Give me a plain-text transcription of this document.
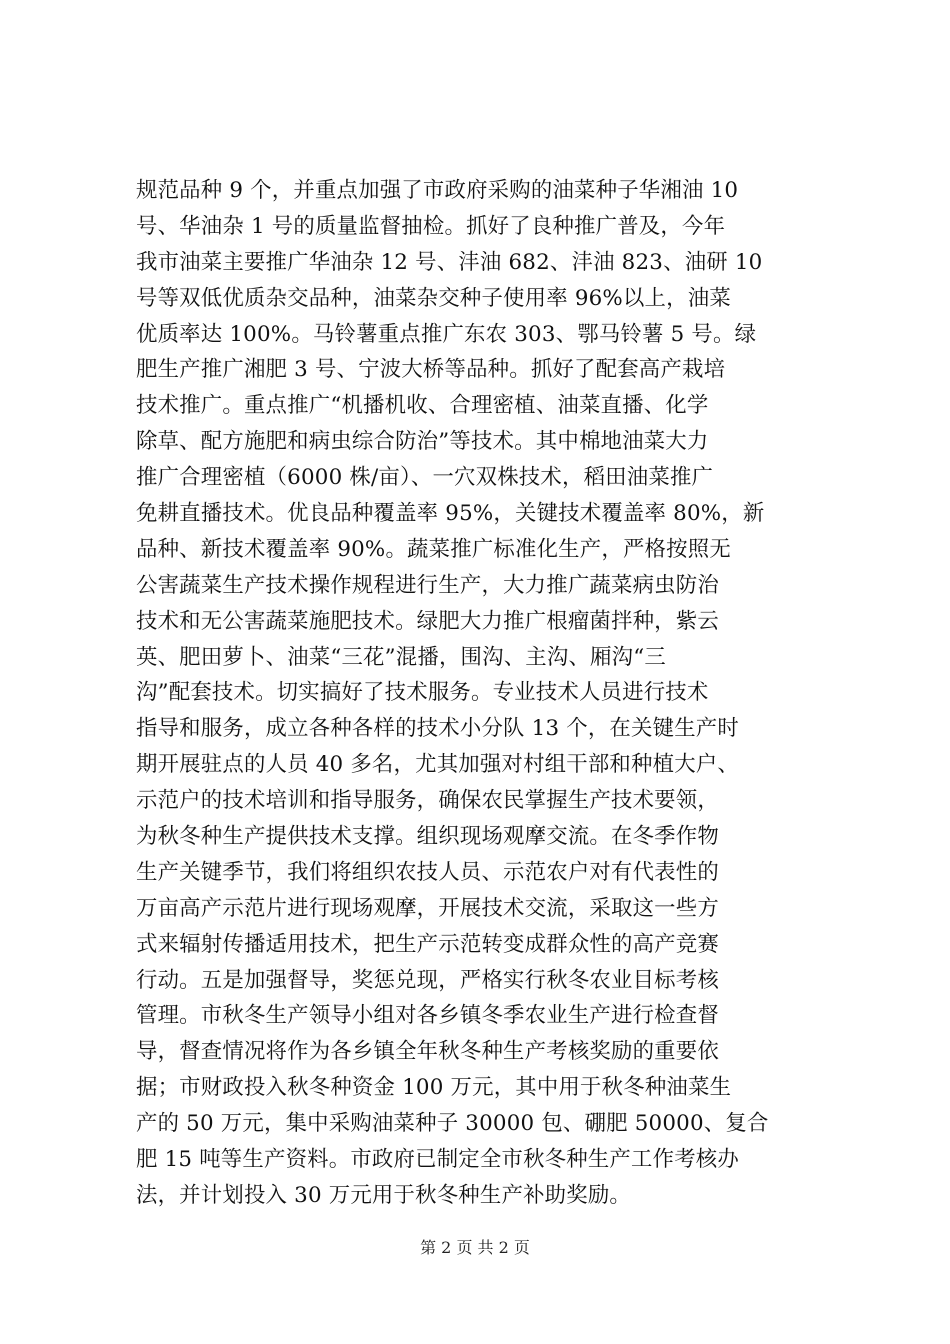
规范品种 9 个，并重点加强了市政府采购的油菜种子华湘油 10
号、华油杂 1 号的质量监督抽检。抓好了良种推广普及，今年
我市油菜主要推广华油杂 12 号、沣油 682、沣油 823、油研 10
号等双低优质杂交品种，油菜杂交种子使用率 96%以上，油菜
优质率达 100%。马铃薯重点推广东农 303、鄂马铃薯 5 号。绿
肥生产推广湘肥 3 号、宁波大桥等品种。抓好了配套高产栽培
技术推广。重点推广“机播机收、合理密植、油菜直播、化学
除草、配方施肥和病虫综合防治”等技术。其中棉地油菜大力
推广合理密植（6000 株/亩）、一穴双株技术，稻田油菜推广
免耕直播技术。优良品种覆盖率 95%，关键技术覆盖率 80%，新
品种、新技术覆盖率 90%。蔬菜推广标准化生产，严格按照无
公害蔬菜生产技术操作规程进行生产，大力推广蔬菜病虫防治
技术和无公害蔬菜施肥技术。绿肥大力推广根瘤菌拌种，紫云
英、肥田萝卜、油菜“三花”混播，围沟、主沟、厢沟“三
沟”配套技术。切实搞好了技术服务。专业技术人员进行技术
指导和服务，成立各种各样的技术小分队 13 个，在关键生产时
期开展驻点的人员 40 多名，尤其加强对村组干部和种植大户、
示范户的技术培训和指导服务，确保农民掌握生产技术要领，
为秋冬种生产提供技术支撑。组织现场观摩交流。在冬季作物
生产关键季节，我们将组织农技人员、示范农户对有代表性的
万亩高产示范片进行现场观摩，开展技术交流，采取这一些方
式来辐射传播适用技术，把生产示范转变成群众性的高产竞赛
行动。五是加强督导，奖惩兑现，严格实行秋冬农业目标考核
管理。市秋冬生产领导小组对各乡镇冬季农业生产进行检查督
导，督查情况将作为各乡镇全年秋冬种生产考核奖励的重要依
据；市财政投入秋冬种资金 100 万元，其中用于秋冬种油菜生
产的 50 万元，集中采购油菜种子 30000 包、硼肥 50000、复合
肥 15 吨等生产资料。市政府已制定全市秋冬种生产工作考核办
法，并计划投入 30 万元用于秋冬种生产补助奖励。
第 2 页 共 2 页
